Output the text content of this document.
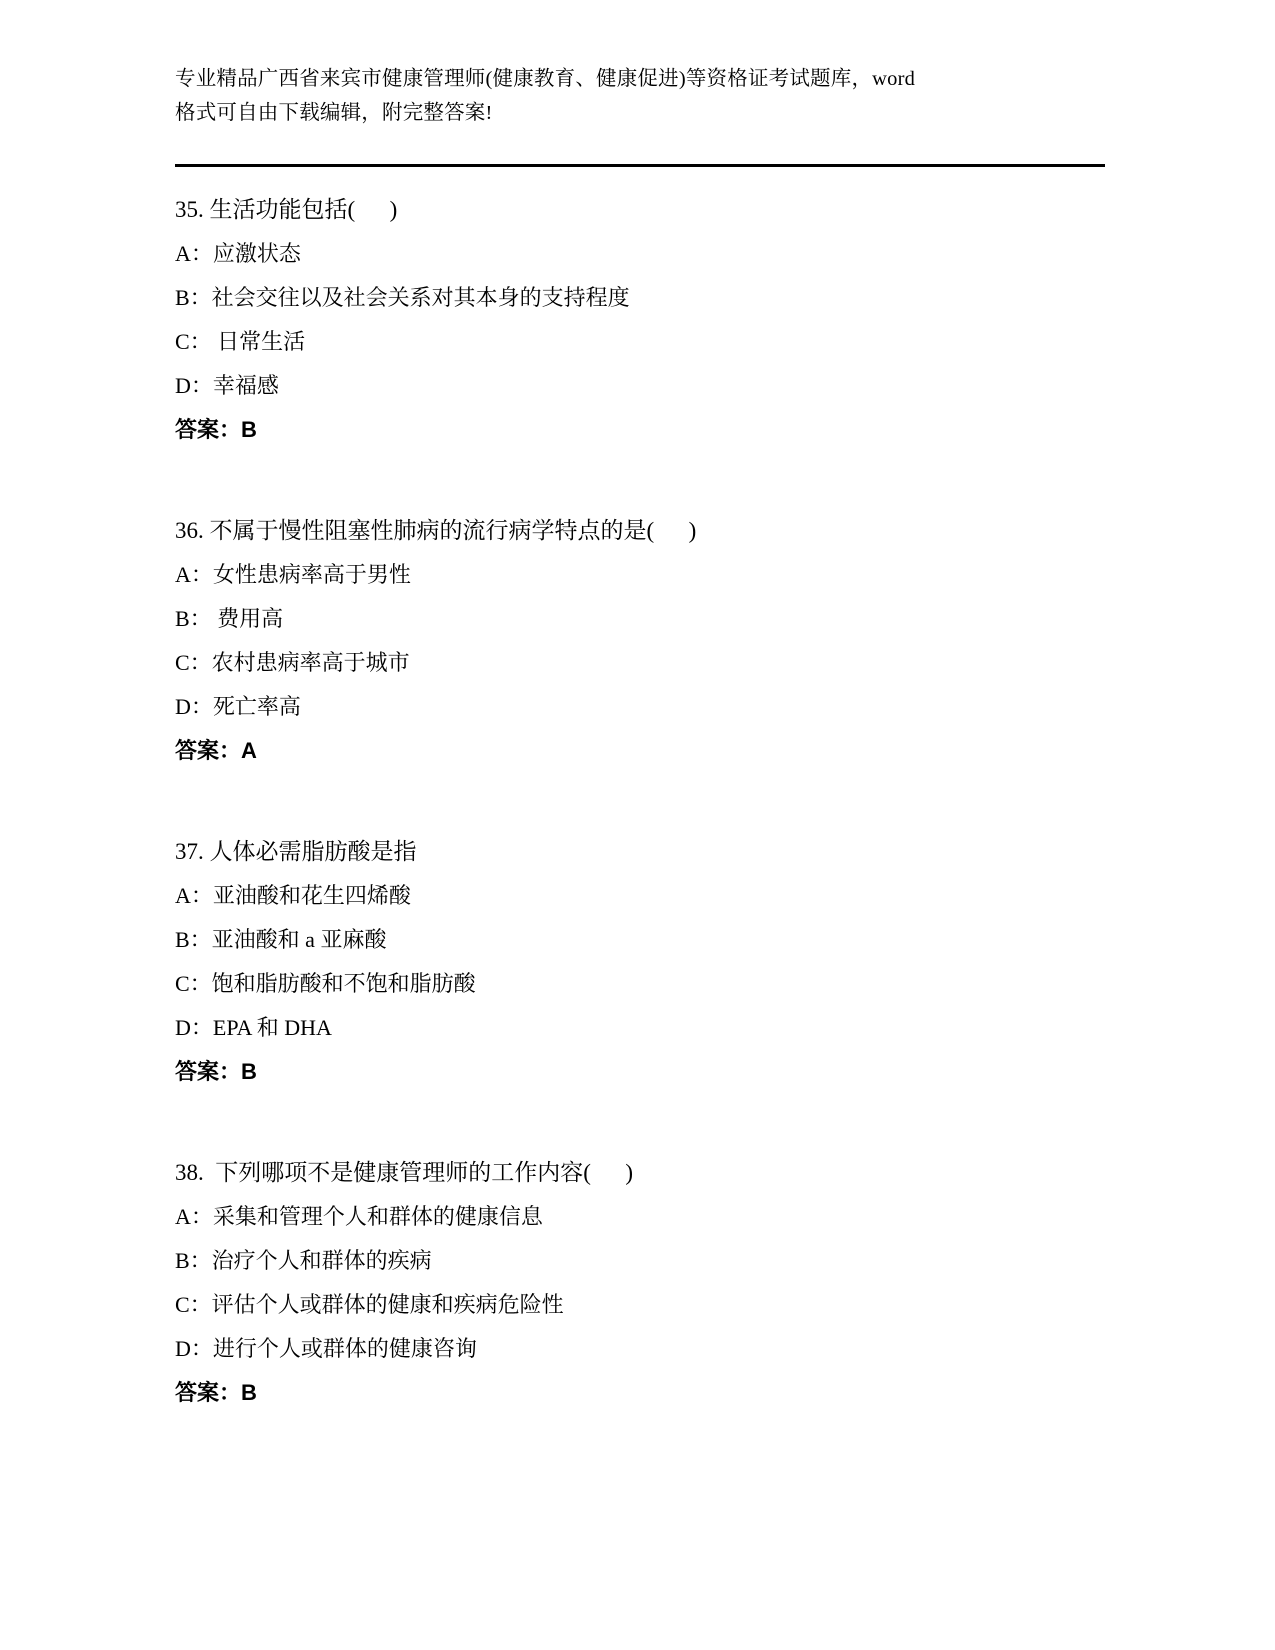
专业精品广西省来宾市健康管理师(健康教育、健康促进)等资格证考试题库，word
格式可自由下载编辑，附完整答案!
35. 生活功能包括(      )
A：应激状态
B：社会交往以及社会关系对其本身的支持程度
C： 日常生活
D：幸福感
答案：B
36. 不属于慢性阻塞性肺病的流行病学特点的是(      )
A：女性患病率高于男性
B： 费用高
C：农村患病率高于城市
D：死亡率高
答案：A
37. 人体必需脂肪酸是指
A：亚油酸和花生四烯酸
B：亚油酸和 a 亚麻酸
C：饱和脂肪酸和不饱和脂肪酸
D：EPA 和 DHA
答案：B
38.  下列哪项不是健康管理师的工作内容(      )
A：采集和管理个人和群体的健康信息
B：治疗个人和群体的疾病
C：评估个人或群体的健康和疾病危险性
D：进行个人或群体的健康咨询
答案：B
